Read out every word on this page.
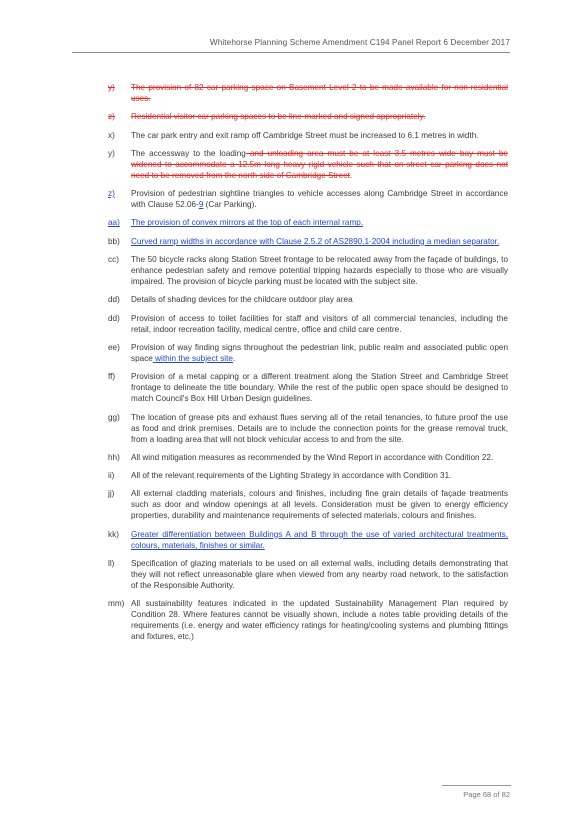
Whitehorse Planning Scheme Amendment C194 Panel Report 6 December 2017
y) The provision of 82 car parking space on Basement Level 2 to be made available for non-residential uses.
z) Residential visitor car parking spaces to be line-marked and signed appropriately.
x) The car park entry and exit ramp off Cambridge Street must be increased to 6.1 metres in width.
y) The accessway to the loading and unloading area must be at least 3.5 metres wide bay must be widened to accommodate a 12.5m long heavy rigid vehicle such that on-street car parking does not need to be removed from the north side of Cambridge Street.
z) Provision of pedestrian sightline triangles to vehicle accesses along Cambridge Street in accordance with Clause 52.06-9 (Car Parking).
aa) The provision of convex mirrors at the top of each internal ramp.
bb) Curved ramp widths in accordance with Clause 2.5.2 of AS2890.1-2004 including a median separator.
cc) The 50 bicycle racks along Station Street frontage to be relocated away from the façade of buildings, to enhance pedestrian safety and remove potential tripping hazards especially to those who are visually impaired. The provision of bicycle parking must be located with the subject site.
dd) Details of shading devices for the childcare outdoor play area
dd) Provision of access to toilet facilities for staff and visitors of all commercial tenancies, including the retail, indoor recreation facility, medical centre, office and child care centre.
ee) Provision of way finding signs throughout the pedestrian link, public realm and associated public open space within the subject site.
ff) Provision of a metal capping or a different treatment along the Station Street and Cambridge Street frontage to delineate the title boundary. While the rest of the public open space should be designed to match Council's Box Hill Urban Design guidelines.
gg) The location of grease pits and exhaust flues serving all of the retail tenancies, to future proof the use as food and drink premises. Details are to include the connection points for the grease removal truck, from a loading area that will not block vehicular access to and from the site.
hh) All wind mitigation measures as recommended by the Wind Report in accordance with Condition 22.
ii) All of the relevant requirements of the Lighting Strategy in accordance with Condition 31.
jj) All external cladding materials, colours and finishes, including fine grain details of façade treatments such as door and window openings at all levels. Consideration must be given to energy efficiency properties, durability and maintenance requirements of selected materials, colours and finishes.
kk) Greater differentiation between Buildings A and B through the use of varied architectural treatments, colours, materials, finishes or similar.
ll) Specification of glazing materials to be used on all external walls, including details demonstrating that they will not reflect unreasonable glare when viewed from any nearby road network, to the satisfaction of the Responsible Authority.
mm) All sustainability features indicated in the updated Sustainability Management Plan required by Condition 28. Where features cannot be visually shown, include a notes table providing details of the requirements (i.e. energy and water efficiency ratings for heating/cooling systems and plumbing fittings and fixtures, etc.)
Page 68 of 82
